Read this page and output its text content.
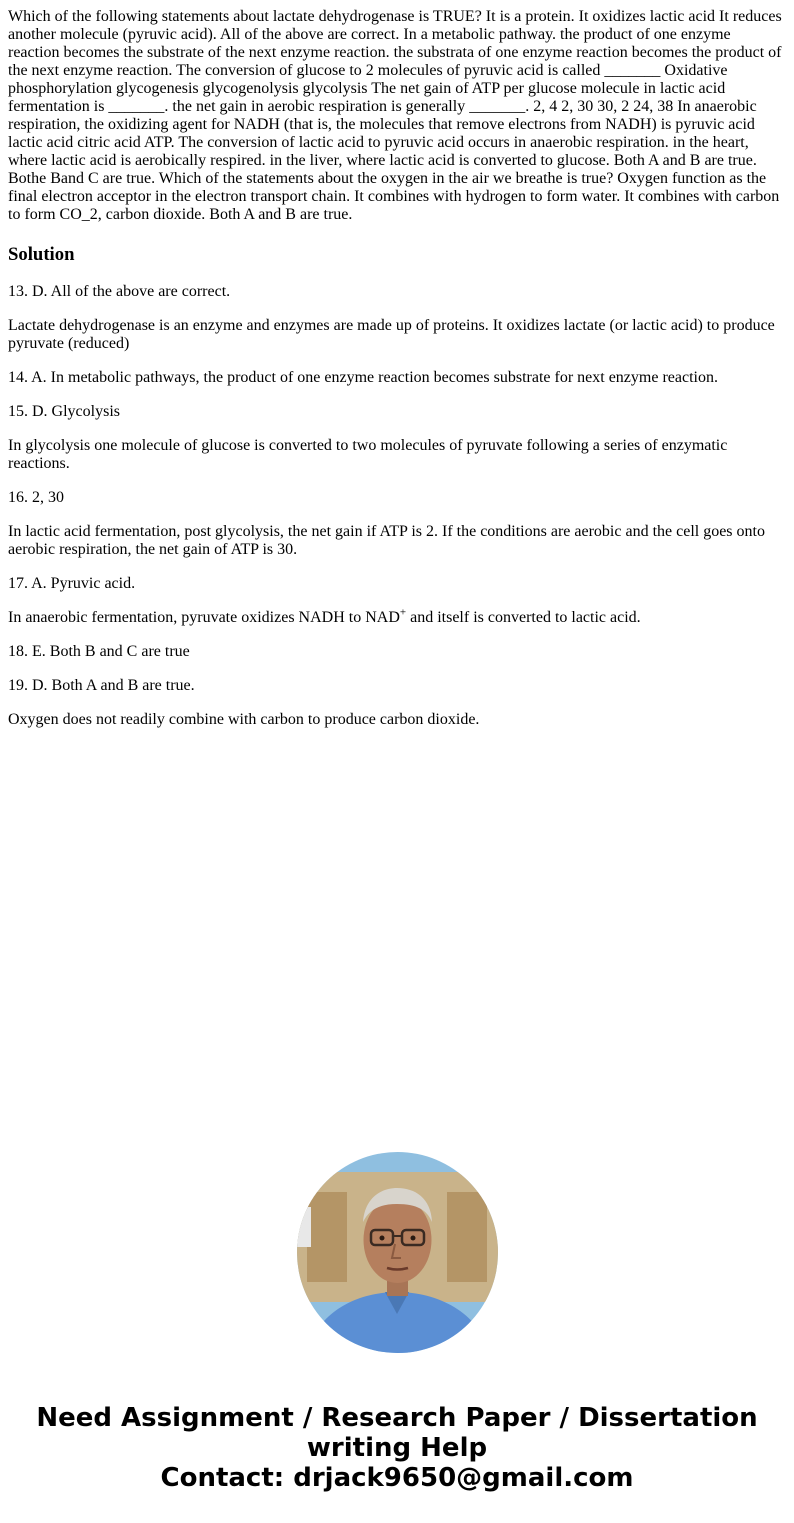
Which of the following statements about lactate dehydrogenase is TRUE? It is a protein. It oxidizes lactic acid It reduces another molecule (pyruvic acid). All of the above are correct. In a metabolic pathway. the product of one enzyme reaction becomes the substrate of the next enzyme reaction. the substrata of one enzyme reaction becomes the product of the next enzyme reaction. The conversion of glucose to 2 molecules of pyruvic acid is called _______ Oxidative phosphorylation glycogenesis glycogenolysis glycolysis The net gain of ATP per glucose molecule in lactic acid fermentation is _______. the net gain in aerobic respiration is generally _______. 2, 4 2, 30 30, 2 24, 38 In anaerobic respiration, the oxidizing agent for NADH (that is, the molecules that remove electrons from NADH) is pyruvic acid lactic acid citric acid ATP. The conversion of lactic acid to pyruvic acid occurs in anaerobic respiration. in the heart, where lactic acid is aerobically respired. in the liver, where lactic acid is converted to glucose. Both A and B are true. Bothe Band C are true. Which of the statements about the oxygen in the air we breathe is true? Oxygen function as the final electron acceptor in the electron transport chain. It combines with hydrogen to form water. It combines with carbon to form CO_2, carbon dioxide. Both A and B are true.

Solution

13. D. All of the above are correct.

Lactate dehydrogenase is an enzyme and enzymes are made up of proteins. It oxidizes lactate (or lactic acid) to produce pyruvate (reduced)

14. A. In metabolic pathways, the product of one enzyme reaction becomes substrate for next enzyme reaction.

15. D. Glycolysis

In glycolysis one molecule of glucose is converted to two molecules of pyruvate following a series of enzymatic reactions.

16. 2, 30

In lactic acid fermentation, post glycolysis, the net gain if ATP is 2. If the conditions are aerobic and the cell goes onto aerobic respiration, the net gain of ATP is 30.

17. A. Pyruvic acid.

In anaerobic fermentation, pyruvate oxidizes NADH to NAD+ and itself is converted to lactic acid.

18. E. Both B and C are true

19. D. Both A and B are true.

Oxygen does not readily combine with carbon to produce carbon dioxide.

Need Assignment / Research Paper / Dissertation
writing Help
Contact: drjack9650@gmail.com
